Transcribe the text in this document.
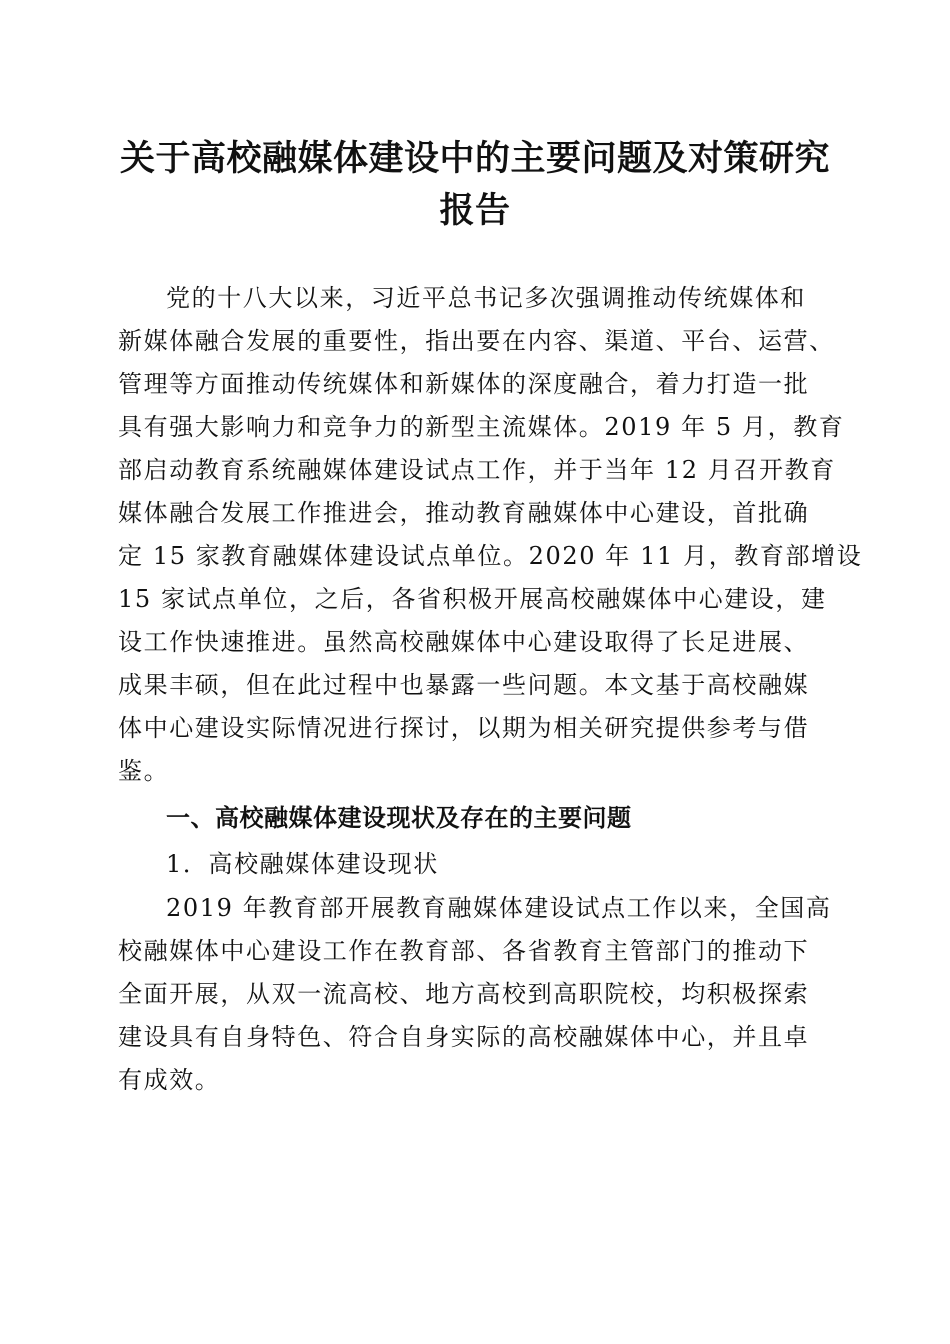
关于高校融媒体建设中的主要问题及对策研究
报告
党的十八大以来，习近平总书记多次强调推动传统媒体和
新媒体融合发展的重要性，指出要在内容、渠道、平台、运营、
管理等方面推动传统媒体和新媒体的深度融合，着力打造一批
具有强大影响力和竞争力的新型主流媒体。2019 年 5 月，教育
部启动教育系统融媒体建设试点工作，并于当年 12 月召开教育
媒体融合发展工作推进会，推动教育融媒体中心建设，首批确
定 15 家教育融媒体建设试点单位。2020 年 11 月，教育部增设
15 家试点单位，之后，各省积极开展高校融媒体中心建设，建
设工作快速推进。虽然高校融媒体中心建设取得了长足进展、
成果丰硕，但在此过程中也暴露一些问题。本文基于高校融媒
体中心建设实际情况进行探讨，以期为相关研究提供参考与借
鉴。
一、高校融媒体建设现状及存在的主要问题
1．高校融媒体建设现状
2019 年教育部开展教育融媒体建设试点工作以来，全国高
校融媒体中心建设工作在教育部、各省教育主管部门的推动下
全面开展，从双一流高校、地方高校到高职院校，均积极探索
建设具有自身特色、符合自身实际的高校融媒体中心，并且卓
有成效。
